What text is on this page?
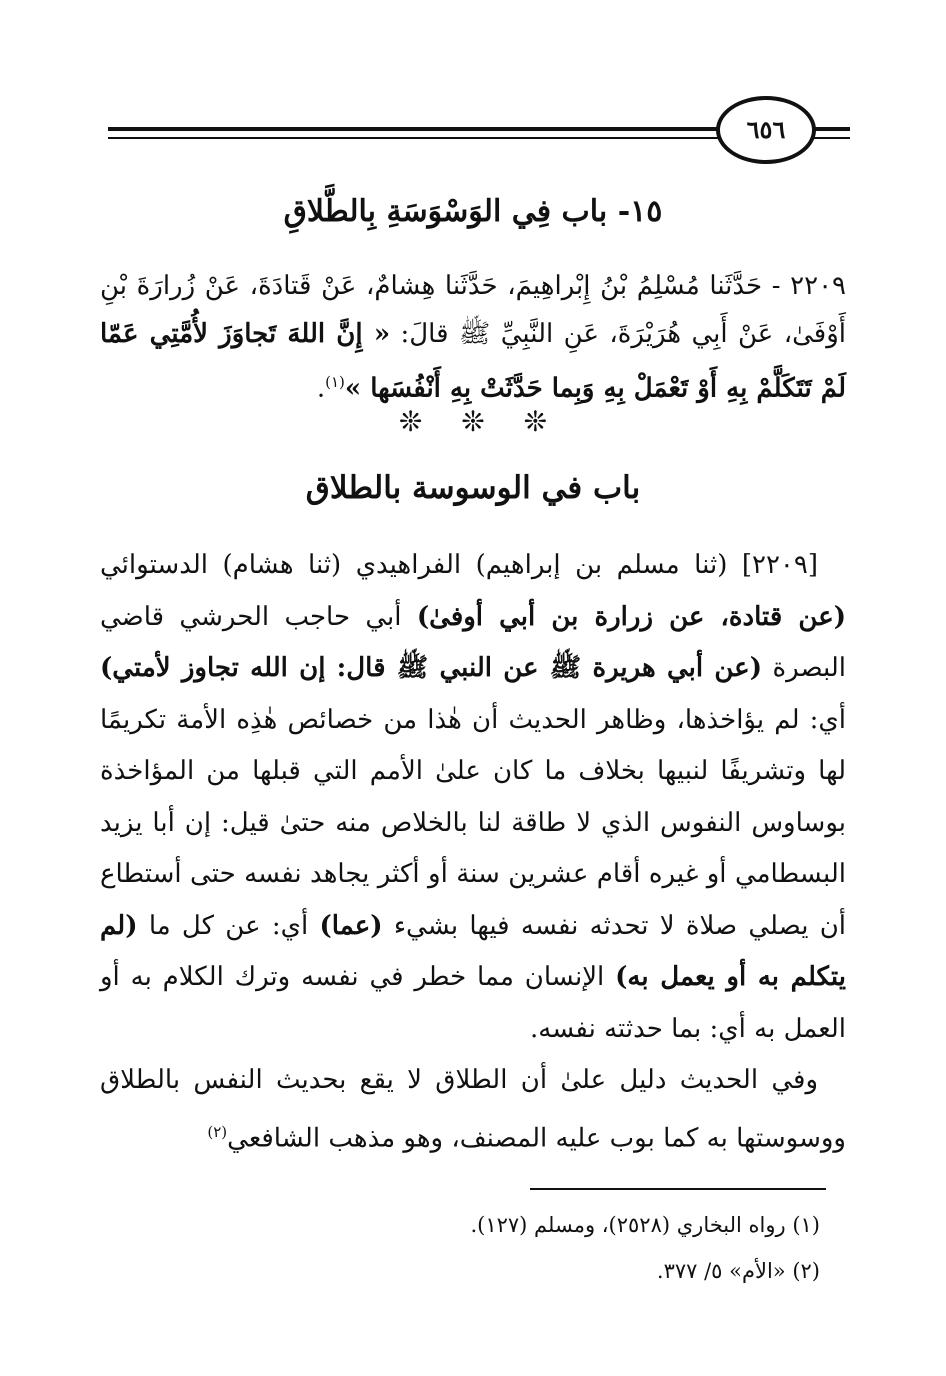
٦٥٦
١٥- باب فِي الوَسْوَسَةِ بِالطَّلاقِ
٢٢٠٩ - حَدَّثَنا مُسْلِمُ بْنُ إِبْراهِيمَ، حَدَّثَنا هِشامٌ، عَنْ قَتادَةَ، عَنْ زُرارَةَ بْنِ أَوْفَىٰ، عَنْ أَبِي هُرَيْرَةَ، عَنِ النَّبِيِّ ﷺ قالَ: « إِنَّ اللهَ تَجاوَزَ لأُمَّتِي عَمّا لَمْ تَتَكَلَّمْ بِهِ أَوْ تَعْمَلْ بِهِ وَبِما حَدَّثَتْ بِهِ أَنْفُسَها »$^{(١)}$.
❊ ❊ ❊
باب في الوسوسة بالطلاق

[٢٢٠٩] (ثنا مسلم بن إبراهيم) الفراهيدي (ثنا هشام) الدستوائي (عن قتادة، عن زرارة بن أبي أوفىٰ) أبي حاجب الحرشي قاضي البصرة (عن أبي هريرة ﷺ عن النبي ﷺ قال: إن الله تجاوز لأمتي) أي: لم يؤاخذها، وظاهر الحديث أن هٰذا من خصائص هٰذِه الأمة تكريمًا لها وتشريفًا لنبيها بخلاف ما كان علىٰ الأمم التي قبلها من المؤاخذة بوساوس النفوس الذي لا طاقة لنا بالخلاص منه حتىٰ قيل: إن أبا يزيد البسطامي أو غيره أقام عشرين سنة أو أكثر يجاهد نفسه حتى أستطاع أن يصلي صلاة لا تحدثه نفسه فيها بشيء (عما) أي: عن كل ما (لم يتكلم به أو يعمل به) الإنسان مما خطر في نفسه وترك الكلام به أو العمل به أي: بما حدثته نفسه.

وفي الحديث دليل علىٰ أن الطلاق لا يقع بحديث النفس بالطلاق ووسوستها به كما بوب عليه المصنف، وهو مذهب الشافعي$^{(٢)}$

(١) رواه البخاري (٢٥٢٨)، ومسلم (١٢٧).
(٢) «الأم» ٥/ ٣٧٧.
